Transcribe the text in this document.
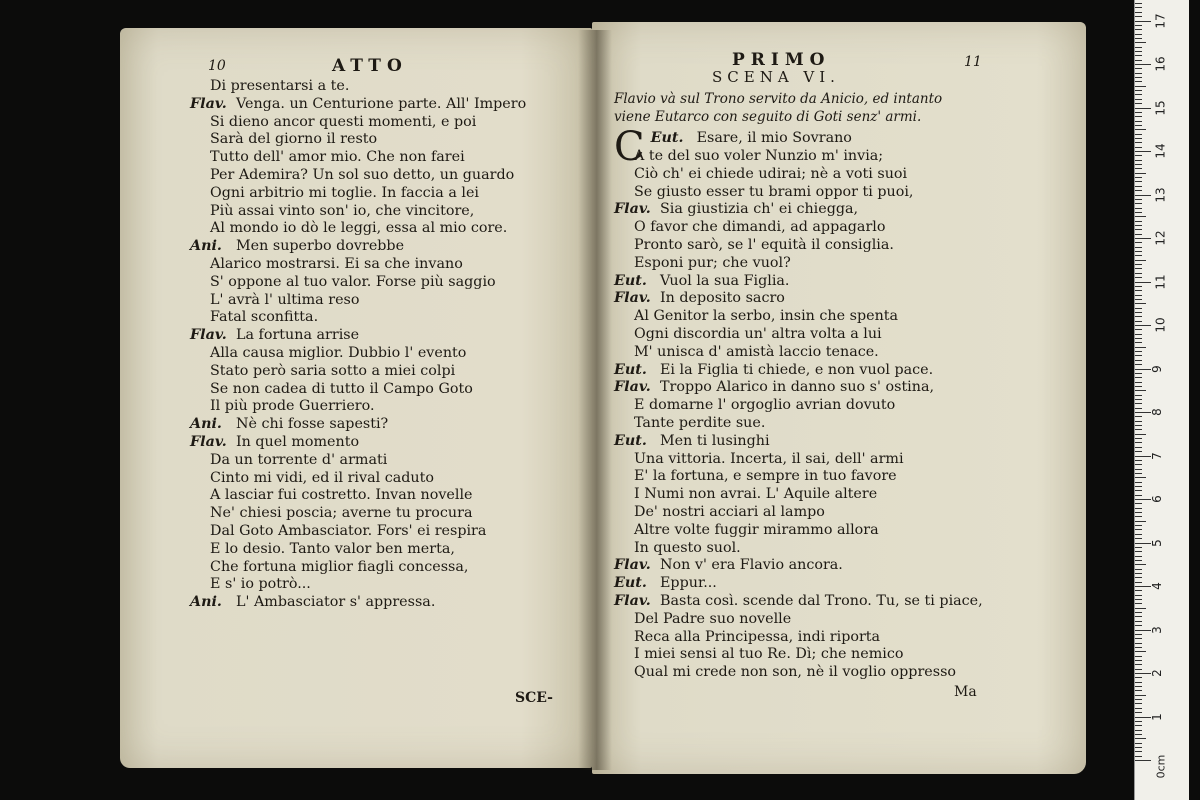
10	ATTO
Di presentarsi a te.
Flav. Venga. un Centurione parte. All' Impero
Si dieno ancor questi momenti, e poi
Sarà del giorno il resto
Tutto dell' amor mio. Che non farei
Per Ademira? Un sol suo detto, un guardo
Ogni arbitrio mi toglie. In faccia a lei
Più assai vinto son' io, che vincitore,
Al mondo io dò le leggi, essa al mio core.
Ani. Men superbo dovrebbe
Alarico mostrarsi. Ei sa che invano
S' oppone al tuo valor. Forse più saggio
L' avrà l' ultima reso
Fatal sconfitta.
Flav. La fortuna arrise
Alla causa miglior. Dubbio l' evento
Stato però saria sotto a miei colpi
Se non cadea di tutto il Campo Goto
Il più prode Guerriero.
Ani. Nè chi fosse sapesti?
Flav. In quel momento
Da un torrente d' armati
Cinto mi vidi, ed il rival caduto
A lasciar fui costretto. Invan novelle
Ne' chiesi poscia; averne tu procura
Dal Goto Ambasciator. Fors' ei respira
E lo desio. Tanto valor ben merta,
Che fortuna miglior fiagli concessa,
E s' io potrò...
Ani. L' Ambasciator s' appressa.
SCE-
PRIMO	11
SCENA VI.
Flavio và sul Trono servito da Anicio, ed intanto
viene Eutarco con seguito di Goti senz' armi.
Eut.
C	Esare, il mio Sovrano
A te del suo voler Nunzio m' invia;
Ciò ch' ei chiede udirai; nè a voti suoi
Se giusto esser tu brami oppor ti puoi,
Flav. Sia giustizia ch' ei chiegga,
O favor che dimandi, ad appagarlo
Pronto sarò, se l' equità il consiglia.
Esponi pur; che vuol?
Eut. Vuol la sua Figlia.
Flav. In deposito sacro
Al Genitor la serbo, insin che spenta
Ogni discordia un' altra volta a lui
M' unisca d' amistà laccio tenace.
Eut. Ei la Figlia ti chiede, e non vuol pace.
Flav. Troppo Alarico in danno suo s' ostina,
E domarne l' orgoglio avrian dovuto
Tante perdite sue.
Eut. Men ti lusinghi
Una vittoria. Incerta, il sai, dell' armi
E' la fortuna, e sempre in tuo favore
I Numi non avrai. L' Aquile altere
De' nostri acciari al lampo
Altre volte fuggir mirammo allora
In questo suol.
Flav. Non v' era Flavio ancora.
Eut. Eppur...
Flav. Basta così. scende dal Trono. Tu, se ti piace,
Del Padre suo novelle
Reca alla Principessa, indi riporta
I miei sensi al tuo Re. Dì; che nemico
Qual mi crede non son, nè il voglio oppresso
Ma
0cm
1
2
3
4
5
6
7
8
9
10
11
12
13
14
15
16
17
